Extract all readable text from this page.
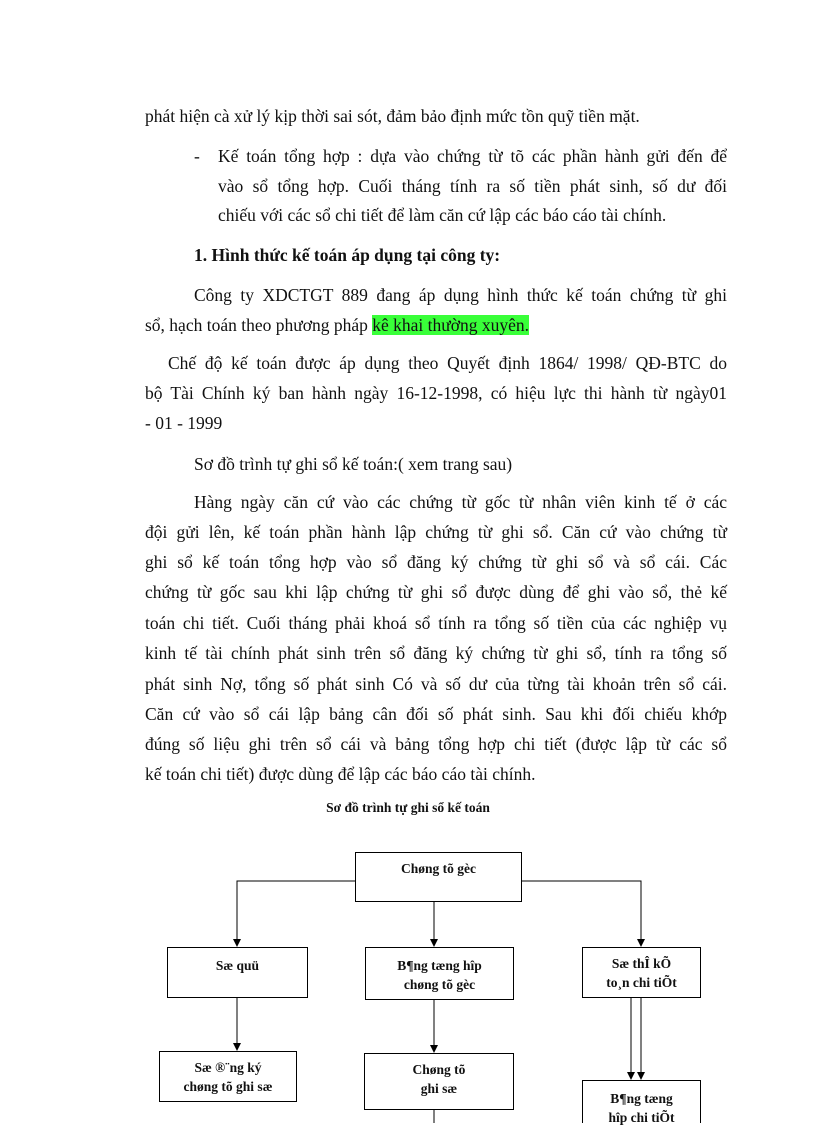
phát hiện cà xử lý kịp thời sai sót, đảm bảo định mức tồn quỹ tiền mặt.
- Kế toán tổng hợp : dựa vào chứng từ tõ các phần hành gửi đến để
vào sổ tổng hợp. Cuối tháng tính ra số tiền phát sinh, số dư đối
chiếu với các sổ chi tiết để làm căn cứ lập các báo cáo tài chính.
1. Hình thức kế toán áp dụng tại công ty:
Công ty XDCTGT 889 đang áp dụng hình thức kế toán chứng từ ghi
sổ, hạch toán theo phương pháp kê khai thường xuyên.
Chế độ kế toán được áp dụng theo Quyết định 1864/ 1998/ QĐ-BTC do
bộ Tài Chính ký ban hành ngày 16-12-1998, có hiệu lực thi hành từ ngày01
- 01 - 1999
Sơ đồ trình tự ghi sổ kế toán:( xem trang sau)
Hàng ngày căn cứ vào các chứng từ gốc từ nhân viên kinh tế ở các
đội gửi lên, kế toán phần hành lập chứng từ ghi sổ. Căn cứ vào chứng từ
ghi sổ kế toán tổng hợp vào sổ đăng ký chứng từ ghi sổ và sổ cái. Các
chứng từ gốc sau khi lập chứng từ ghi sổ được dùng để ghi vào sổ, thẻ kế
toán chi tiết. Cuối tháng phải khoá sổ tính ra tổng số tiền của các nghiệp vụ
kinh tế tài chính phát sinh trên sổ đăng ký chứng từ ghi sổ, tính ra tổng số
phát sinh Nợ, tổng số phát sinh Có và số dư của từng tài khoản trên sổ cái.
Căn cứ vào sổ cái lập bảng cân đối số phát sinh. Sau khi đối chiếu khớp
đúng số liệu ghi trên sổ cái và bảng tổng hợp chi tiết (được lập từ các sổ
kế toán chi tiết) được dùng để lập các báo cáo tài chính.
Sơ đồ trình tự ghi sổ kế toán
Chøng tõ gèc
Sæ quü	B¶ng tæng hîp
chøng tõ gèc
Sæ thÎ kÕ
to¸n chi tiÕt
Sæ ®¨ng ký
chøng tõ ghi sæ
Chøng tõ
ghi sæ
B¶ng tæng
hîp chi tiÕt
